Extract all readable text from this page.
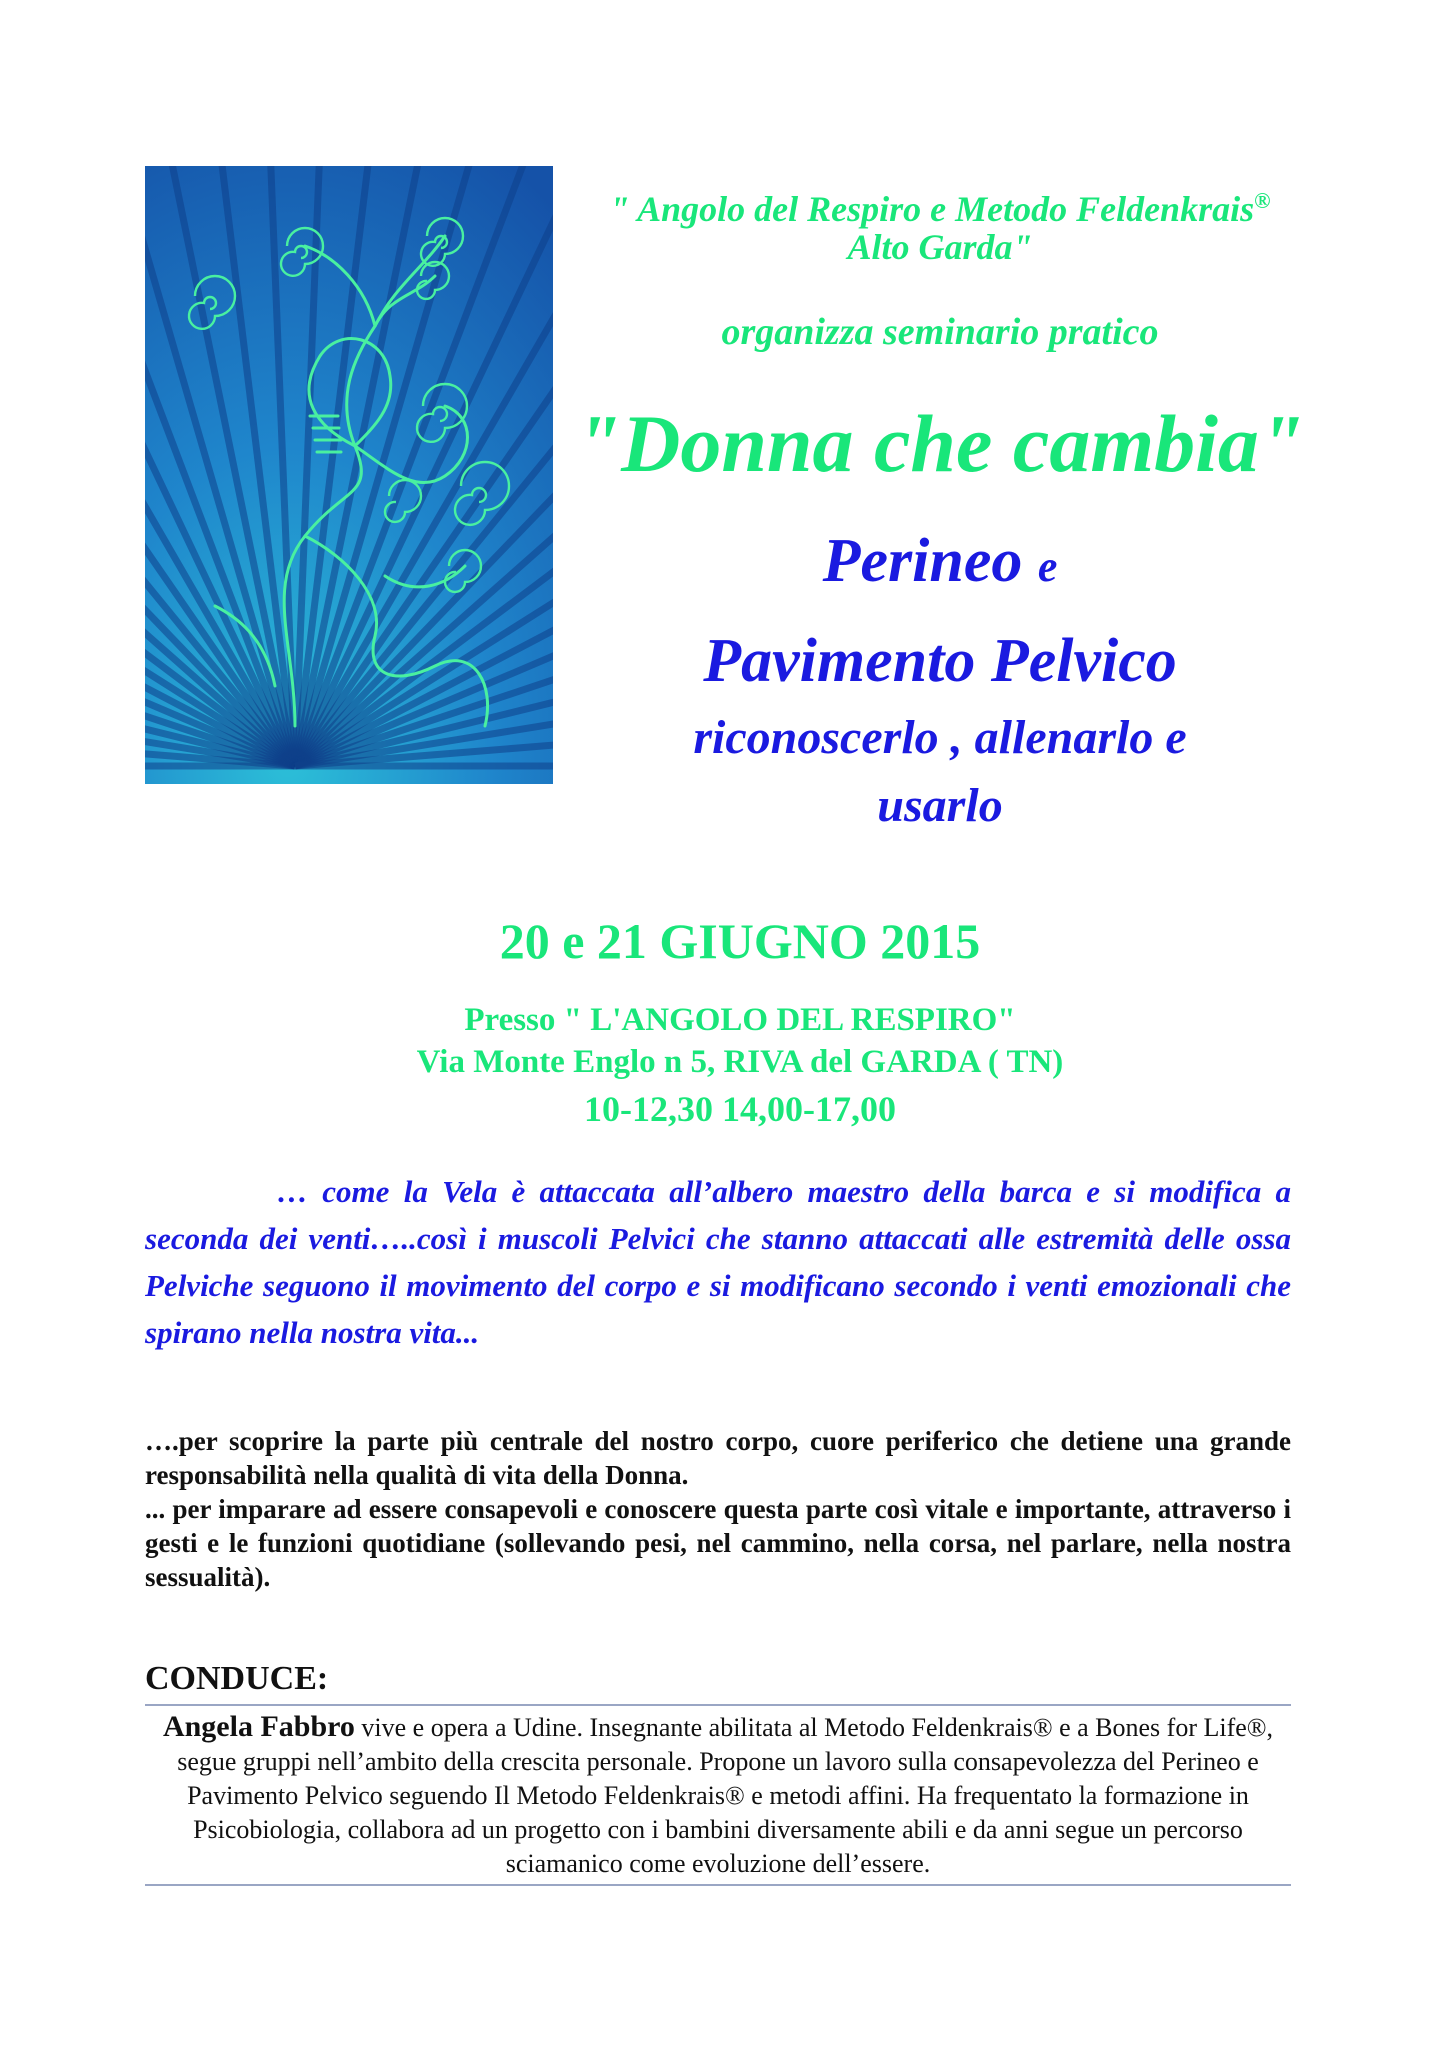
" Angolo del Respiro e Metodo Feldenkrais®
Alto Garda"
organizza seminario pratico
"Donna che cambia"
Perineo e
Pavimento Pelvico
riconoscerlo , allenarlo e
usarlo
20 e 21 GIUGNO 2015
Presso " L'ANGOLO DEL RESPIRO"
Via Monte Englo n 5, RIVA del GARDA ( TN)
10-12,30 14,00-17,00
… come la Vela è attaccata all’albero maestro della barca e si modifica a seconda dei venti…..così i muscoli Pelvici che stanno attaccati alle estremità delle ossa Pelviche seguono il movimento del corpo e si modificano secondo i venti emozionali che spirano nella nostra vita...
….per scoprire la parte più centrale del nostro corpo, cuore periferico che detiene una grande responsabilità nella qualità di vita della Donna.
... per imparare ad essere consapevoli e conoscere questa parte così vitale e importante, attraverso i gesti e le funzioni quotidiane (sollevando pesi, nel cammino, nella corsa, nel parlare, nella nostra sessualità).
CONDUCE:
Angela Fabbro vive e opera a Udine. Insegnante abilitata al Metodo Feldenkrais® e a Bones for Life®, segue gruppi nell’ambito della crescita personale. Propone un lavoro sulla consapevolezza del Perineo e Pavimento Pelvico seguendo Il Metodo Feldenkrais® e metodi affini. Ha frequentato la formazione in Psicobiologia, collabora ad un progetto con i bambini diversamente abili e da anni segue un percorso sciamanico come evoluzione dell’essere.
